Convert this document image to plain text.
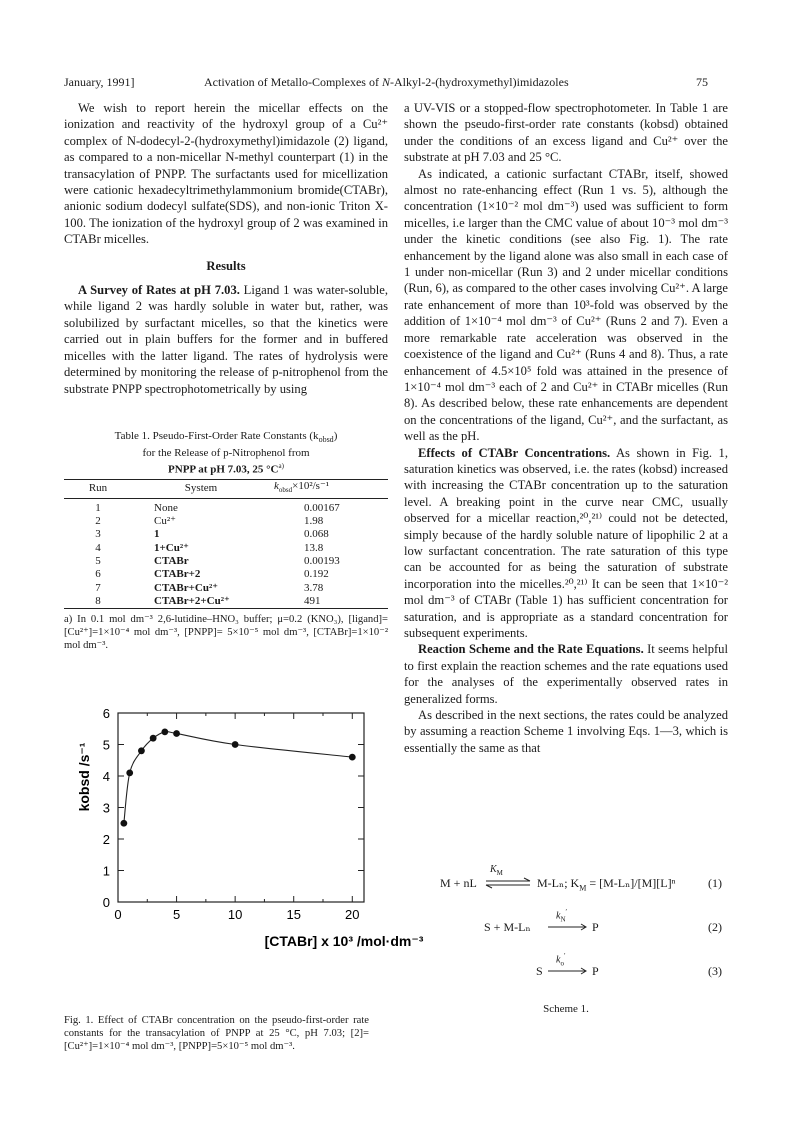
January, 1991]	Activation of Metallo-Complexes of N-Alkyl-2-(hydroxymethyl)imidazoles	75

We wish to report herein the micellar effects on the ionization and reactivity of the hydroxyl group of a Cu²⁺ complex of N-dodecyl-2-(hydroxymethyl)imidazole (2) ligand, as compared to a non-micellar N-methyl counterpart (1) in the transacylation of PNPP. The surfactants used for micellization were cationic hexadecyltrimethylammonium bromide(CTABr), anionic sodium dodecyl sulfate(SDS), and non-ionic Triton X-100. The ionization of the hydroxyl group of 2 was examined in CTABr micelles.

Results

A Survey of Rates at pH 7.03. Ligand 1 was water-soluble, while ligand 2 was hardly soluble in water but, rather, was solubilized by surfactant micelles, so that the kinetics were carried out in plain buffers for the former and in buffered micelles with the latter ligand. The rates of hydrolysis were determined by monitoring the release of p-nitrophenol from the substrate PNPP spectrophotometrically by using

Table 1. Pseudo-First-Order Rate Constants $(k_{obsd})$
for the Release of p-Nitrophenol from
PNPP at pH 7.03, 25 $^\circ C^{a)}$
Run	System	$k_{obsd}\times 10^2/s^{-1}$
1	None	0.00167
2	Cu²⁺	1.98
3	1	0.068
4	1+Cu²⁺	13.8
5	CTABr	0.00193
6	CTABr+2	0.192
7	CTABr+Cu²⁺	3.78
8	CTABr+2+Cu²⁺	491
a) In 0.1 mol dm⁻³ 2,6-lutidine–HNO₃ buffer; μ=0.2 (KNO₃), [ligand]=[Cu²⁺]=1×10⁻⁴ mol dm⁻³, [PNPP]= 5×10⁻⁵ mol dm⁻³, [CTABr]=1×10⁻² mol dm⁻³.
0
1
2
3
4
5
6
0	5	10	15	20
kobsd /s⁻¹
[CTABr] x 10³ /mol·dm⁻³
Fig. 1. Effect of CTABr concentration on the pseudo-first-order rate constants for the transacylation of PNPP at 25 °C, pH 7.03; [2]=[Cu²⁺]=1×10⁻⁴ mol dm⁻³, [PNPP]=5×10⁻⁵ mol dm⁻³.

a UV-VIS or a stopped-flow spectrophotometer. In Table 1 are shown the pseudo-first-order rate constants (kobsd) obtained under the conditions of an excess ligand and Cu²⁺ over the substrate at pH 7.03 and 25 °C.

As indicated, a cationic surfactant CTABr, itself, showed almost no rate-enhancing effect (Run 1 vs. 5), although the concentration (1×10⁻² mol dm⁻³) used was sufficient to form micelles, i.e larger than the CMC value of about 10⁻³ mol dm⁻³ under the kinetic conditions (see also Fig. 1). The rate enhancement by the ligand alone was also small in each case of 1 under non-micellar (Run 3) and 2 under micellar conditions (Run, 6), as compared to the other cases involving Cu²⁺. A large rate enhancement of more than 10³-fold was observed by the addition of 1×10⁻⁴ mol dm⁻³ of Cu²⁺ (Runs 2 and 7). Even a more remarkable rate acceleration was observed in the coexistence of the ligand and Cu²⁺ (Runs 4 and 8). Thus, a rate enhancement of 4.5×10⁵ fold was attained in the presence of 1×10⁻⁴ mol dm⁻³ each of 2 and Cu²⁺ in CTABr micelles (Run 8). As described below, these rate enhancements are dependent on the concentrations of the ligand, Cu²⁺, and the surfactant, as well as the pH.

Effects of CTABr Concentrations. As shown in Fig. 1, saturation kinetics was observed, i.e. the rates (kobsd) increased with increasing the CTABr concentration up to the saturation level. A breaking point in the curve near CMC, usually observed for a micellar reaction,²⁰,²¹⁾ could not be detected, simply because of the hardly soluble nature of lipophilic 2 at a low surfactant concentration. The rate saturation of this type can be accounted for as being the saturation of substrate incorporation into the micelles.²⁰,²¹⁾ It can be seen that 1×10⁻² mol dm⁻³ of CTABr (Table 1) has sufficient concentration for saturation, and is appropriate as a standard concentration for subsequent experiments.

Reaction Scheme and the Rate Equations. It seems helpful to first explain the reaction schemes and the rate equations used for the analyses of the experimentally observed rates in generalized forms.

As described in the next sections, the rates could be analyzed by assuming a reaction Scheme 1 involving Eqs. 1—3, which is essentially the same as that

M + nL
$K_M$
⇌ M-Lₙ; $K_M = [M-L_n]/[M][L]^n$	(1)
S + M-Lₙ
$k_N'$
P	(2)
S
$k_o'$
P	(3)
Scheme 1.
